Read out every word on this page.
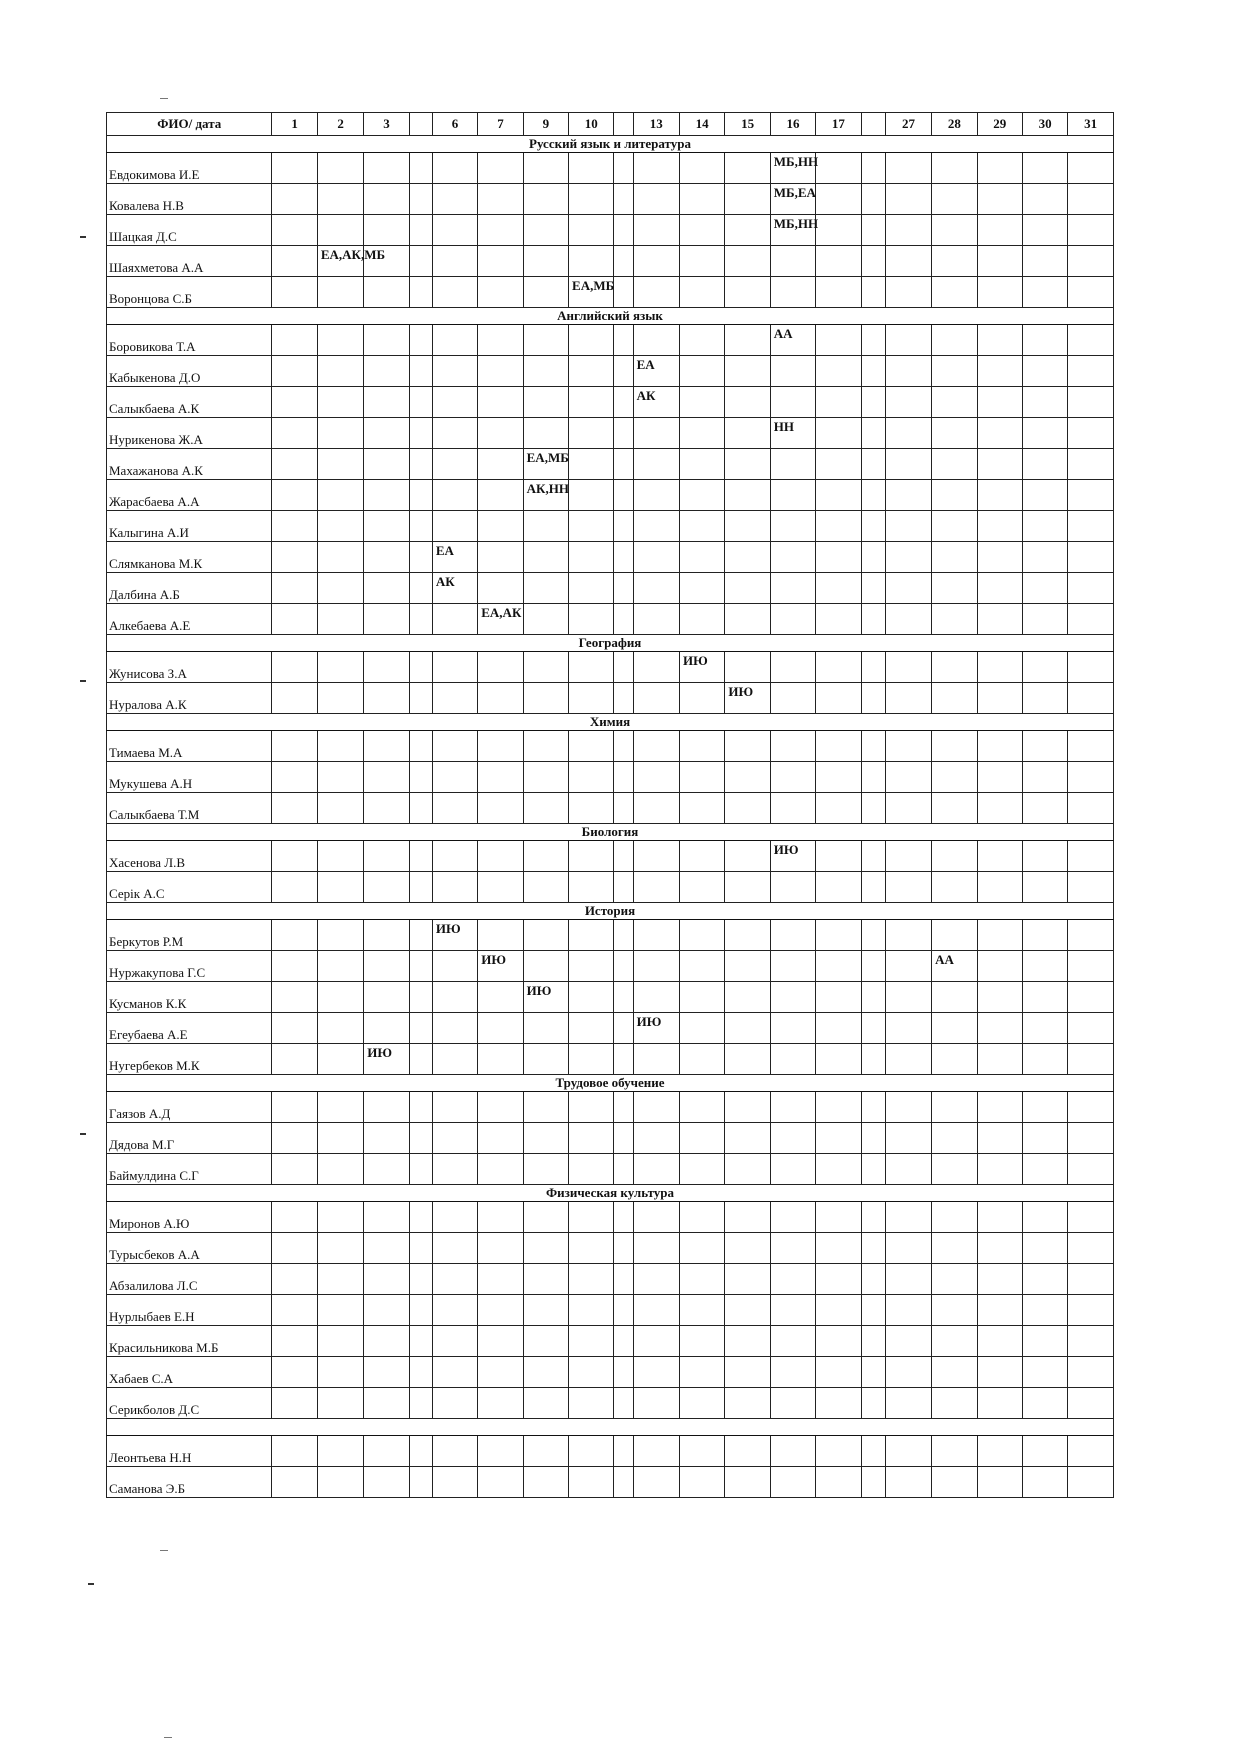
ФИО/ дата	1	2	3		6	7	9	10		13	14	15	16	17		27	28	29	30	31
Русский язык и литература																				
Евдокимова И.Е													МБ,НН							

Ковалева Н.В													МБ,ЕА							

Шацкая Д.С													МБ,НН							

Шаяхметова А.А		ЕА,АК,МБ																		

Воронцова С.Б								ЕА,МБ												

Английский язык																				
Боровикова Т.А													АА							

Кабыкенова Д.О										ЕА										

Салыкбаева А.К										АК										

Нурикенова Ж.А													НН							

Махажанова А.К							ЕА,МБ													

Жарасбаева А.А							АК,НН													

Калыгина А.И																				
Слямканова М.К					ЕА															

Далбина А.Б					АК															

Алкебаева А.Е						ЕА,АК														

География																				
Жунисова З.А											ИЮ									

Нуралова А.К												ИЮ								

Химия																				
Тимаева М.А																				
Мукушева А.Н																				
Салыкбаева Т.М																				
Биология																				
Хасенова Л.В													ИЮ							

Серік А.С																				
История																				
Беркутов Р.М					ИЮ															

Нуржакупова Г.С						ИЮ											АА			

Кусманов К.К							ИЮ													

Егеубаева А.Е										ИЮ										

Нугербеков М.К			ИЮ																	

Трудовое обучение																				
Гаязов А.Д																				
Дядова М.Г																				
Баймулдина С.Г																				
Физическая культура																				
Миронов А.Ю																				
Турысбеков А.А																				
Абзалилова Л.С																				
Нурлыбаев Е.Н																				
Красильникова М.Б																				
Хабаев С.А																				
Серикболов Д.С																				

Леонтьева Н.Н																				
Саманова Э.Б																				
